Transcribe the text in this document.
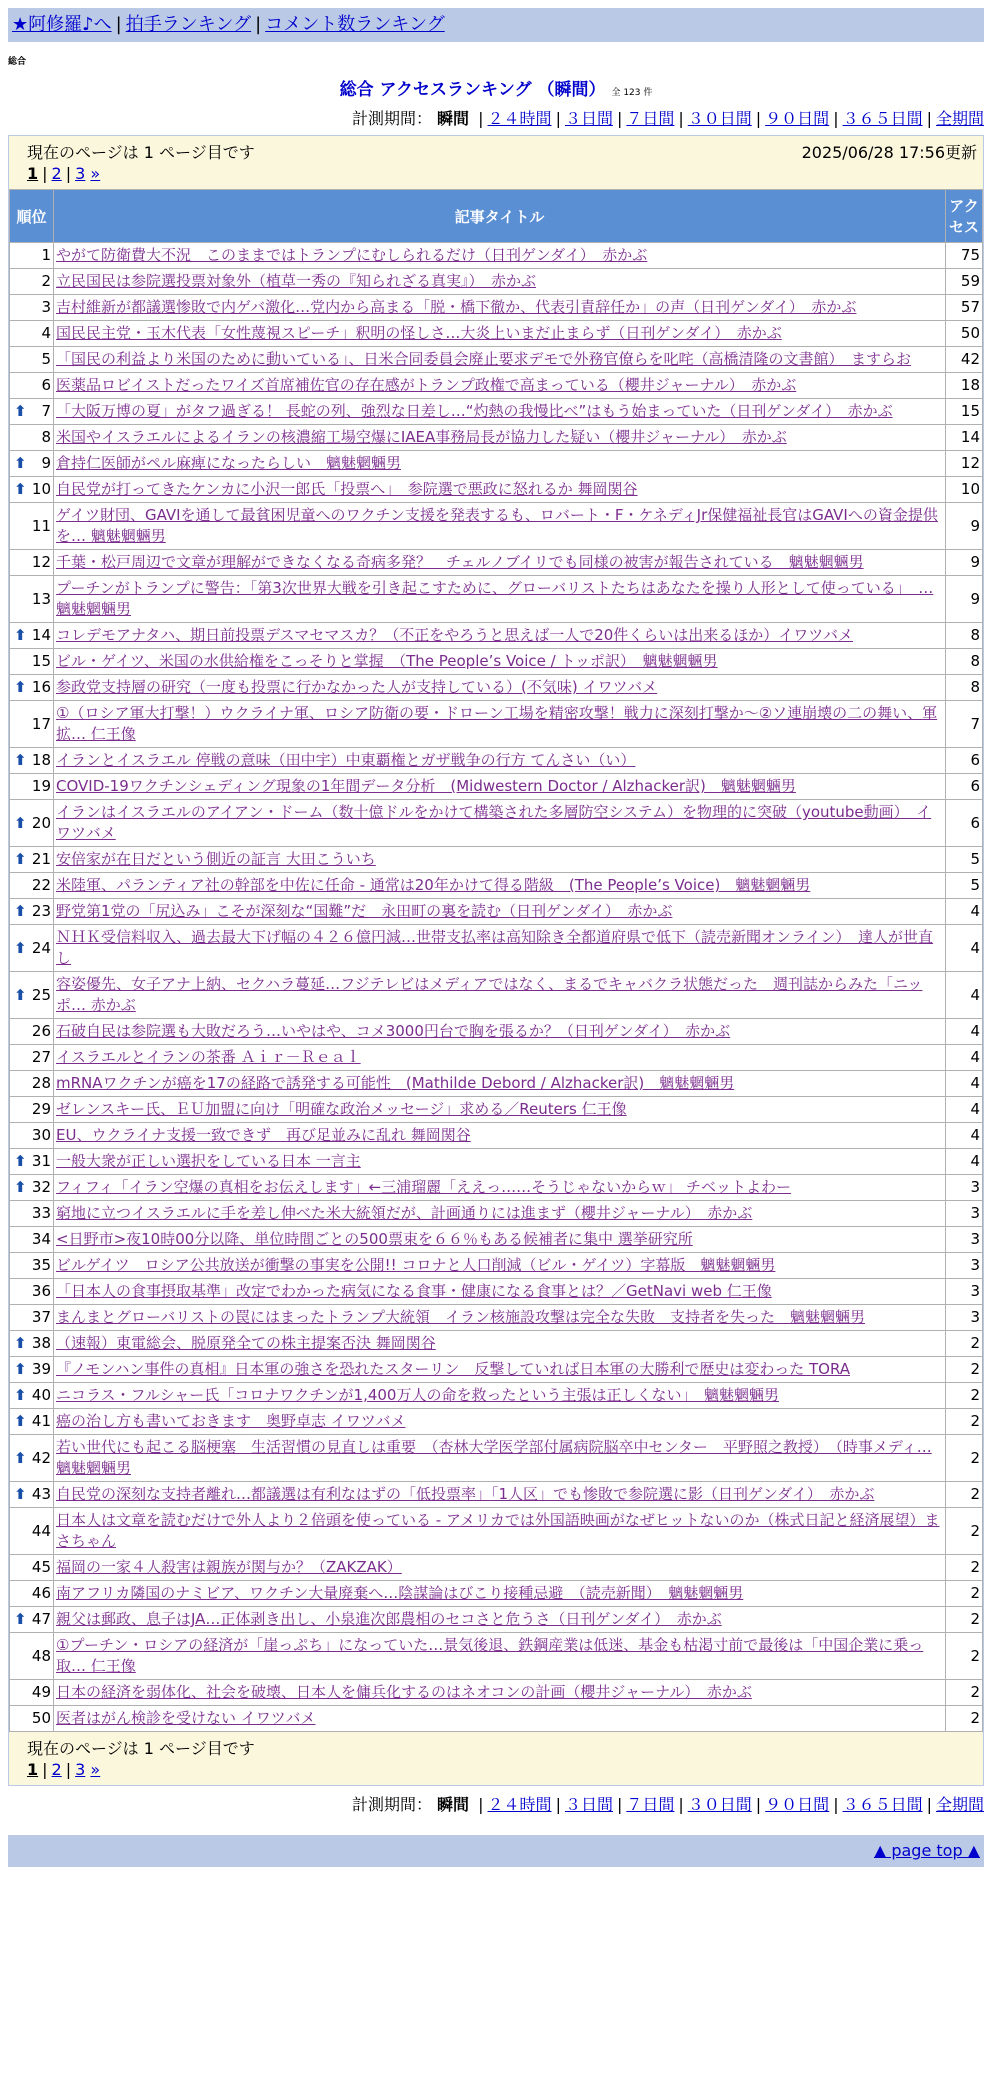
★阿修羅♪へ | 拍手ランキング | コメント数ランキング
総合
総合 アクセスランキング （瞬間） 全 123 件
計測期間： 瞬間 | ２４時間 | ３日間 | ７日間 | ３０日間 | ９０日間 | ３６５日間 | 全期間
現在のページは 1 ページ目です	2025/06/28 17:56更新
1 | 2 | 3 »
順位	記事タイトル	アクセス
1	やがて防衛費大不況　このままではトランプにむしられるだけ（日刊ゲンダイ）　赤かぶ	75
2	立民国民は参院選投票対象外（植草一秀の『知られざる真実』）　赤かぶ	59
3	吉村維新が都議選惨敗で内ゲバ激化…党内から高まる「脱・橋下徹か、代表引責辞任か」の声（日刊ゲンダイ）　赤かぶ	57
4	国民民主党・玉木代表「女性蔑視スピーチ」釈明の怪しさ…大炎上いまだ止まらず（日刊ゲンダイ）　赤かぶ	50
5	「国民の利益より米国のために動いている」、日米合同委員会廃止要求デモで外務官僚らを叱咤（高橋清隆の文書館）　ますらお	42
6	医薬品ロビイストだったワイズ首席補佐官の存在感がトランプ政権で高まっている（櫻井ジャーナル）　赤かぶ	18

⬆ 7	「大阪万博の夏」がタフ過ぎる！ 長蛇の列、強烈な日差し…“灼熱の我慢比べ”はもう始まっていた（日刊ゲンダイ）　赤かぶ	15
8	米国やイスラエルによるイランの核濃縮工場空爆にIAEA事務局長が協力した疑い（櫻井ジャーナル）　赤かぶ	14

⬆ 9	倉持仁医師がペル麻痺になったらしい　魑魅魍魎男	12

⬆ 10	自民党が打ってきたケンカに小沢一郎氏「投票へ」　参院選で悪政に怒れるか 舞岡関谷	10
11	ゲイツ財団、GAVIを通して最貧困児童へのワクチン支援を発表するも、ロバート・F・ケネディJr保健福祉長官はGAVIへの資金提供を… 魑魅魍魎男	9
12	千葉・松戸周辺で文章が理解ができなくなる奇病多発？　チェルノブイリでも同様の被害が報告されている　魑魅魍魎男	9
13	プーチンがトランプに警告：「第3次世界大戦を引き起こすために、グローバリストたちはあなたを操り人形として使っている」　… 魑魅魍魎男	9

⬆ 14	コレデモアナタハ、期日前投票デスマセマスカ？（不正をやろうと思えば一人で20件くらいは出来るほか）イワツバメ	8
15	ビル・ゲイツ、米国の水供給権をこっそりと掌握　（The People’s Voice / トッポ訳）　魑魅魍魎男	8

⬆ 16	参政党支持層の研究（一度も投票に行かなかった人が支持している）(不気味) イワツバメ	8
17	①（ロシア軍大打撃！）ウクライナ軍、ロシア防衛の要・ドローン工場を精密攻撃！戦力に深刻打撃か～②ソ連崩壊の二の舞い、軍拡… 仁王像	7

⬆ 18	イランとイスラエル 停戦の意味（田中宇）中東覇権とガザ戦争の行方 てんさい（い）	6
19	COVID-19ワクチンシェディング現象の1年間データ分析　(Midwestern Doctor / Alzhacker訳)　魑魅魍魎男	6

⬆ 20	イランはイスラエルのアイアン・ドーム（数十億ドルをかけて構築された多層防空システム）を物理的に突破（youtube動画）　イワツバメ	6

⬆ 21	安倍家が在日だという側近の証言 大田こういち	5
22	米陸軍、パランティア社の幹部を中佐に任命 - 通常は20年かけて得る階級　(The People’s Voice)　魑魅魍魎男	5

⬆ 23	野党第1党の「尻込み」こそが深刻な“国難”だ　永田町の裏を読む（日刊ゲンダイ）　赤かぶ	4

⬆ 24	ＮＨＫ受信料収入、過去最大下げ幅の４２６億円減…世帯支払率は高知除き全都道府県で低下（読売新聞オンライン）　達人が世直し	4

⬆ 25	容姿優先、女子アナ上納、セクハラ蔓延…フジテレビはメディアではなく、まるでキャバクラ状態だった　週刊誌からみた「ニッポ… 赤かぶ	4
26	石破自民は参院選も大敗だろう…いやはや、コメ3000円台で胸を張るか？（日刊ゲンダイ）　赤かぶ	4
27	イスラエルとイランの茶番 Ａｉｒ－Ｒｅａｌ	4
28	mRNAワクチンが癌を17の経路で誘発する可能性　(Mathilde Debord / Alzhacker訳)　魑魅魍魎男	4
29	ゼレンスキー氏、ＥＵ加盟に向け「明確な政治メッセージ」求める／Reuters 仁王像	4
30	EU、ウクライナ支援一致できず　再び足並みに乱れ 舞岡関谷	4

⬆ 31	一般大衆が正しい選択をしている日本 一言主	4

⬆ 32	フィフィ「イラン空爆の真相をお伝えします」←三浦瑠麗「ええっ……そうじゃないからｗ」 チベットよわー	3
33	窮地に立つイスラエルに手を差し伸べた米大統領だが、計画通りには進まず（櫻井ジャーナル）　赤かぶ	3
34	<日野市>夜10時00分以降、単位時間ごとの500票束を６６％もある候補者に集中 選挙研究所	3
35	ビルゲイツ　ロシア公共放送が衝撃の事実を公開!! コロナと人口削減（ビル・ゲイツ）字幕版　魑魅魍魎男	3
36	「日本人の食事摂取基準」改定でわかった病気になる食事・健康になる食事とは？／GetNavi web 仁王像	3
37	まんまとグローバリストの罠にはまったトランプ大統領　イラン核施設攻撃は完全な失敗　支持者を失った　魑魅魍魎男	3

⬆ 38	（速報）東電総会、脱原発全ての株主提案否決 舞岡関谷	2

⬆ 39	『ノモンハン事件の真相』日本軍の強さを恐れたスターリン　反撃していれば日本軍の大勝利で歴史は変わった TORA	2

⬆ 40	ニコラス・フルシャー氏「コロナワクチンが1,400万人の命を救ったという主張は正しくない」　魑魅魍魎男	2

⬆ 41	癌の治し方も書いておきます　奥野卓志 イワツバメ	2

⬆ 42	若い世代にも起こる脳梗塞　生活習慣の見直しは重要　（杏林大学医学部付属病院脳卒中センター　平野照之教授）　（時事メディ… 魑魅魍魎男	2

⬆ 43	自民党の深刻な支持者離れ…都議選は有利なはずの「低投票率」「1人区」でも惨敗で参院選に影（日刊ゲンダイ）　赤かぶ	2
44	日本人は文章を読むだけで外人より２倍頭を使っている - アメリカでは外国語映画がなぜヒットないのか（株式日記と経済展望）まさちゃん	2
45	福岡の一家４人殺害は親族が関与か？（ZAKZAK）	2
46	南アフリカ隣国のナミビア、ワクチン大量廃棄へ…陰謀論はびこり接種忌避　（読売新聞）　魑魅魍魎男	2

⬆ 47	親父は郵政、息子はJA…正体剥き出し、小泉進次郎農相のセコさと危うさ（日刊ゲンダイ）　赤かぶ	2
48	①プーチン・ロシアの経済が「崖っぷち」になっていた…景気後退、鉄鋼産業は低迷、基金も枯渇寸前で最後は「中国企業に乗っ取… 仁王像	2
49	日本の経済を弱体化、社会を破壊、日本人を傭兵化するのはネオコンの計画（櫻井ジャーナル）　赤かぶ	2
50	医者はがん検診を受けない イワツバメ	2
現在のページは 1 ページ目です
1 | 2 | 3 »
計測期間： 瞬間 | ２４時間 | ３日間 | ７日間 | ３０日間 | ９０日間 | ３６５日間 | 全期間
▲ page top ▲
